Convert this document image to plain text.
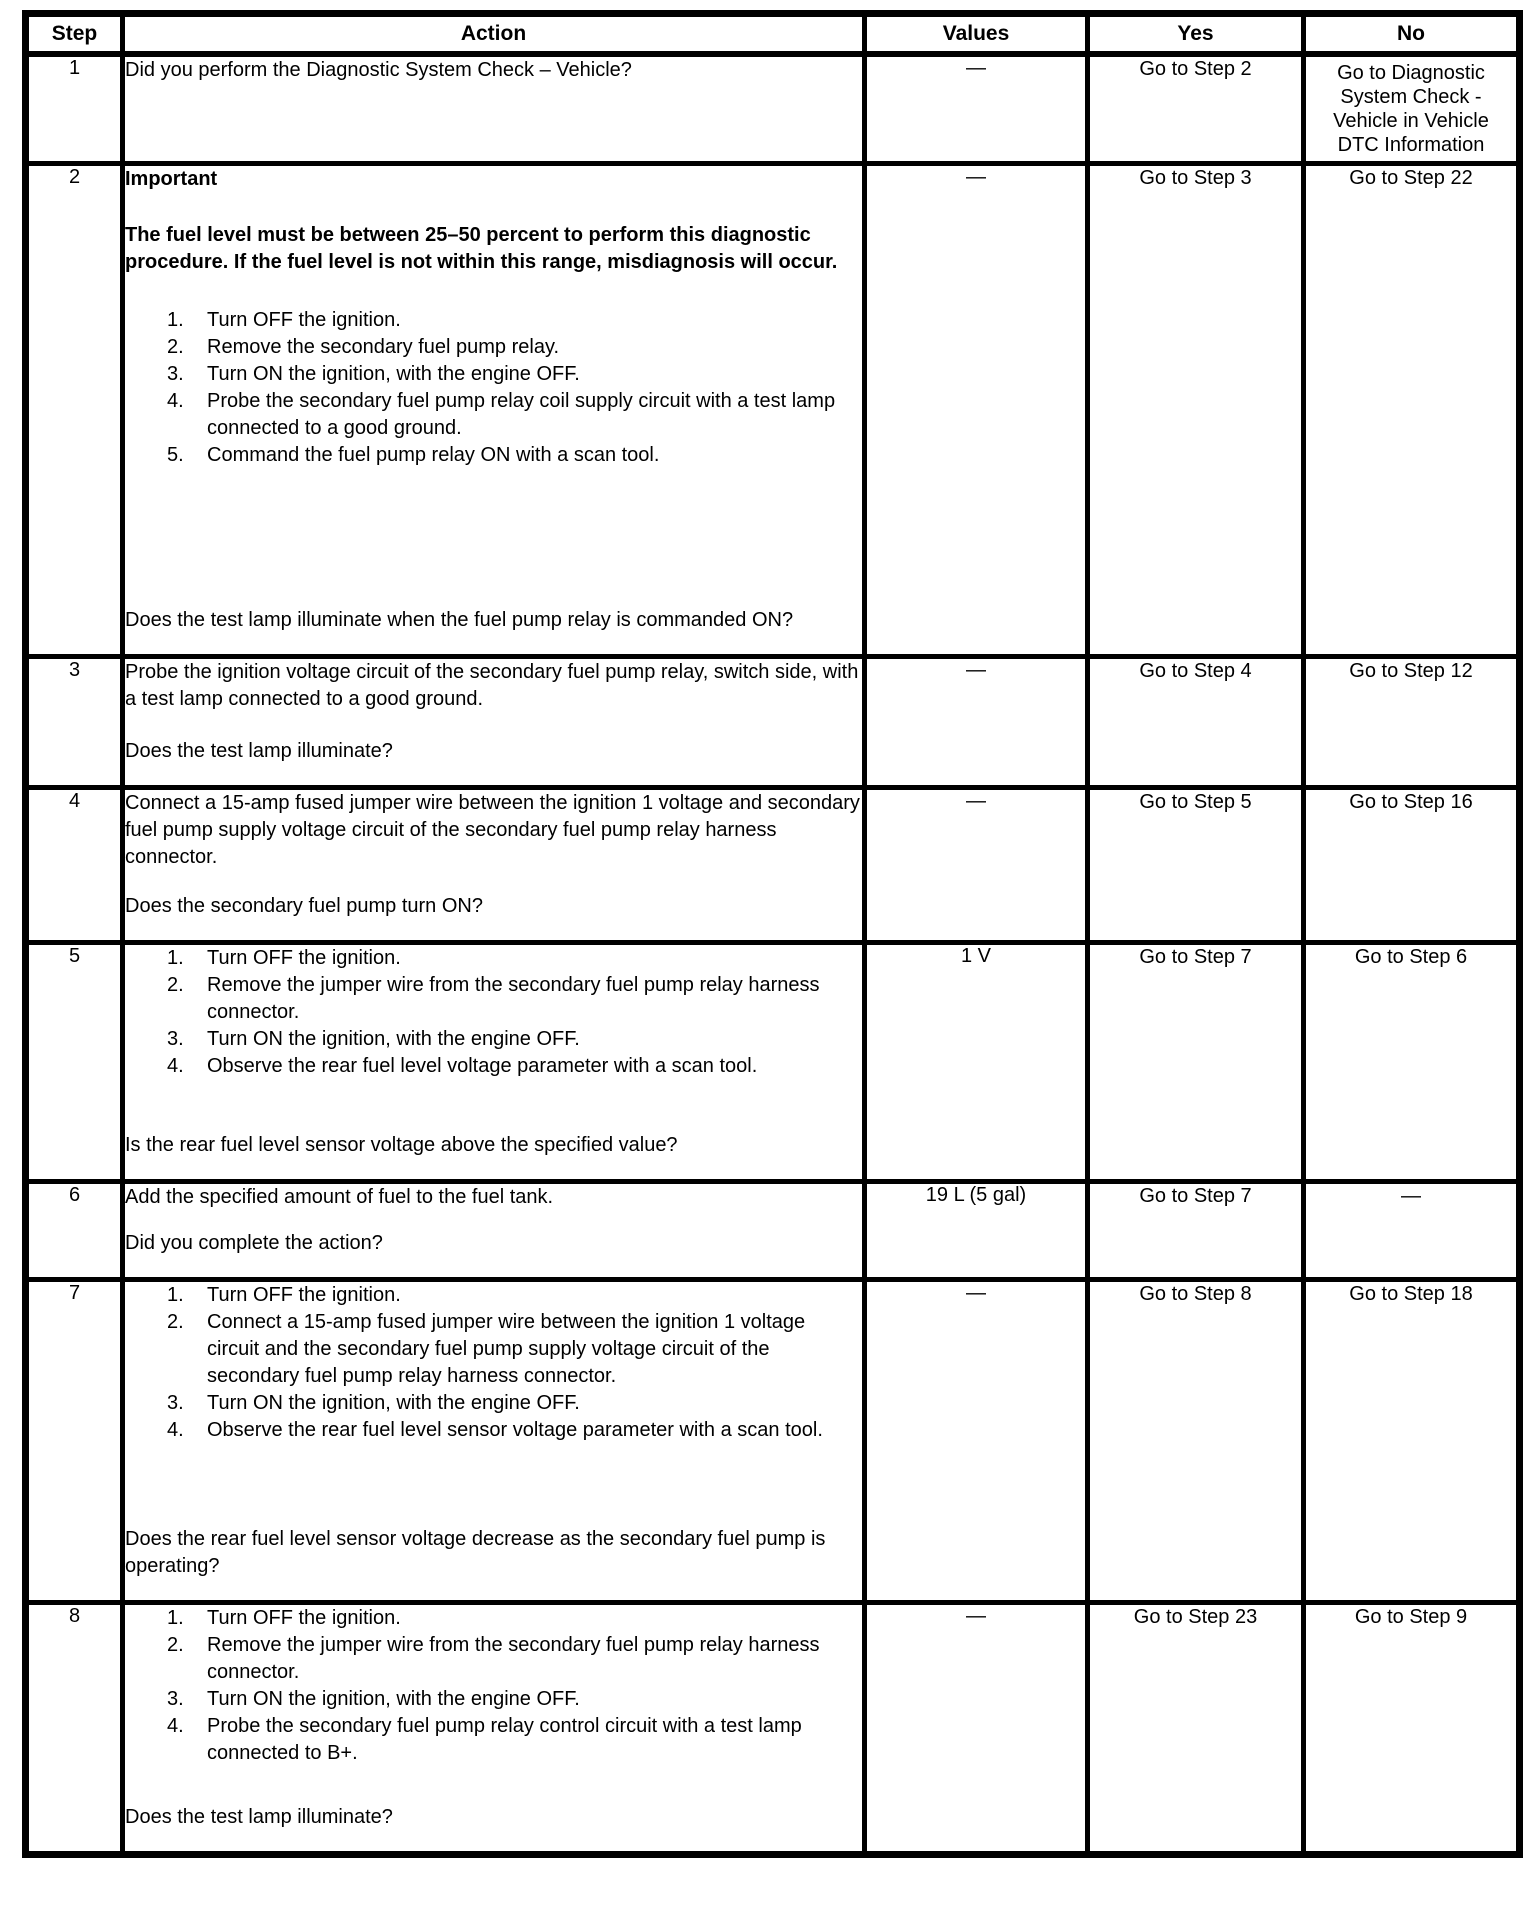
Step	Action	Values	Yes	No
1	Did you perform the Diagnostic System Check – Vehicle?	—	Go to Step 2	Go to Diagnostic System Check - Vehicle in Vehicle DTC Information
2	Important

The fuel level must be between 25–50 percent to perform this diagnostic procedure. If the fuel level is not within this range, misdiagnosis will occur.

1.	Turn OFF the ignition.
2.	Remove the secondary fuel pump relay.
3.	Turn ON the ignition, with the engine OFF.
4.	Probe the secondary fuel pump relay coil supply circuit with a test lamp connected to a good ground.
5.	Command the fuel pump relay ON with a scan tool.

Does the test lamp illuminate when the fuel pump relay is commanded ON?

	—	Go to Step 3	Go to Step 22
3	Probe the ignition voltage circuit of the secondary fuel pump relay, switch side, with a test lamp connected to a good ground.

Does the test lamp illuminate?	—	Go to Step 4	Go to Step 12
4	Connect a 15-amp fused jumper wire between the ignition 1 voltage and secondary fuel pump supply voltage circuit of the secondary fuel pump relay harness connector.

Does the secondary fuel pump turn ON?	—	Go to Step 5	Go to Step 16
5	1.	Turn OFF the ignition.
2.	Remove the jumper wire from the secondary fuel pump relay harness connector.
3.	Turn ON the ignition, with the engine OFF.
4.	Observe the rear fuel level voltage parameter with a scan tool.

Is the rear fuel level sensor voltage above the specified value?

	1 V	Go to Step 7	Go to Step 6
6	Add the specified amount of fuel to the fuel tank.

Did you complete the action?	19 L (5 gal)	Go to Step 7	—
7	1.	Turn OFF the ignition.
2.	Connect a 15-amp fused jumper wire between the ignition 1 voltage circuit and the secondary fuel pump supply voltage circuit of the secondary fuel pump relay harness connector.
3.	Turn ON the ignition, with the engine OFF.
4.	Observe the rear fuel level sensor voltage parameter with a scan tool.

Does the rear fuel level sensor voltage decrease as the secondary fuel pump is operating?

	—	Go to Step 8	Go to Step 18
8	1.	Turn OFF the ignition.
2.	Remove the jumper wire from the secondary fuel pump relay harness connector.
3.	Turn ON the ignition, with the engine OFF.
4.	Probe the secondary fuel pump relay control circuit with a test lamp connected to B+.

Does the test lamp illuminate?

	—	Go to Step 23	Go to Step 9
